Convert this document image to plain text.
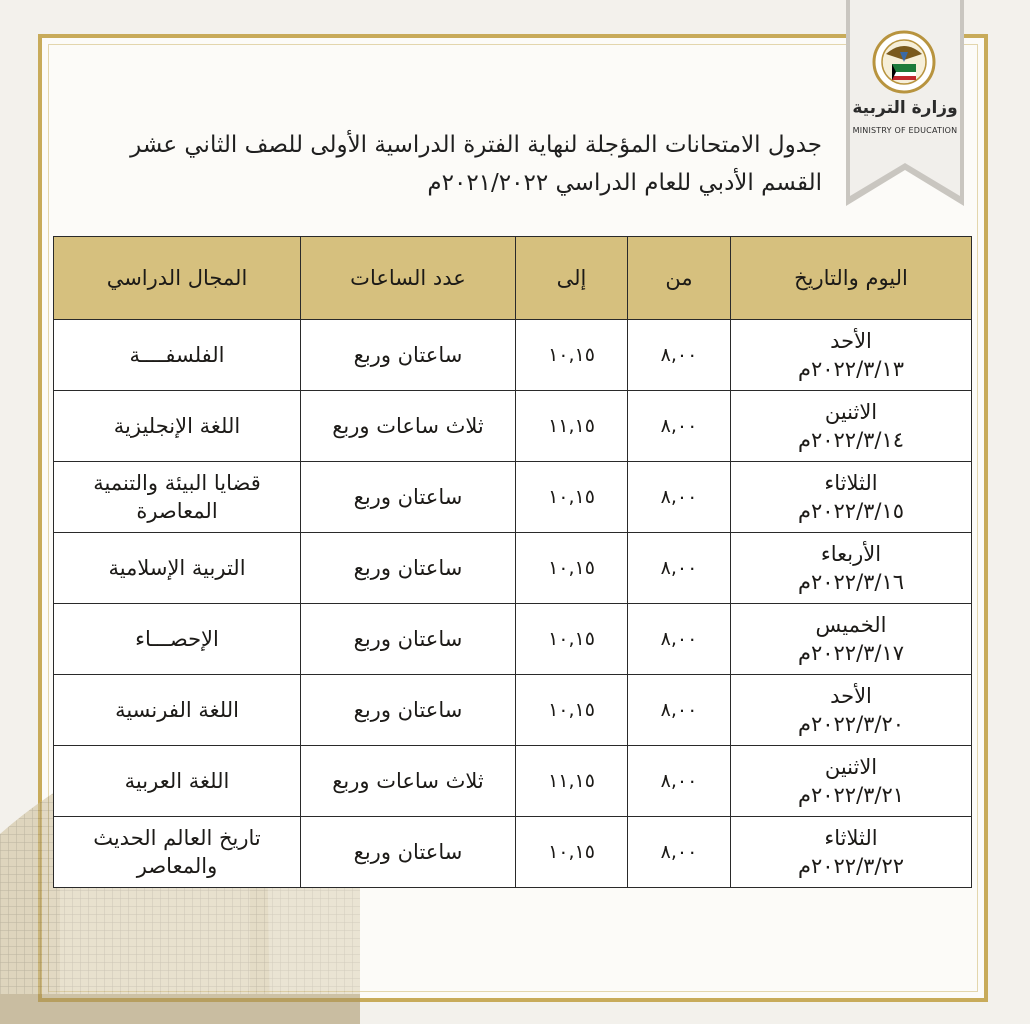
وزارة التربية
MINISTRY OF EDUCATION
جدول الامتحانات المؤجلة لنهاية الفترة الدراسية الأولى للصف الثاني عشر القسم الأدبي للعام الدراسي ٢٠٢١/٢٠٢٢م
اليوم والتاريخ	من	إلى	عدد الساعات	المجال الدراسي

الأحد
٢٠٢٢/٣/١٣م	٨,٠٠	١٠,١٥	ساعتان وربع	الفلسفــــة

الاثنين
٢٠٢٢/٣/١٤م	٨,٠٠	١١,١٥	ثلاث ساعات وربع	اللغة الإنجليزية

الثلاثاء
٢٠٢٢/٣/١٥م	٨,٠٠	١٠,١٥	ساعتان وربع	قضايا البيئة والتنمية المعاصرة

الأربعاء
٢٠٢٢/٣/١٦م	٨,٠٠	١٠,١٥	ساعتان وربع	التربية الإسلامية

الخميس
٢٠٢٢/٣/١٧م	٨,٠٠	١٠,١٥	ساعتان وربع	الإحصـــاء

الأحد
٢٠٢٢/٣/٢٠م	٨,٠٠	١٠,١٥	ساعتان وربع	اللغة الفرنسية

الاثنين
٢٠٢٢/٣/٢١م	٨,٠٠	١١,١٥	ثلاث ساعات وربع	اللغة العربية

الثلاثاء
٢٠٢٢/٣/٢٢م	٨,٠٠	١٠,١٥	ساعتان وربع	تاريخ العالم الحديث والمعاصر
